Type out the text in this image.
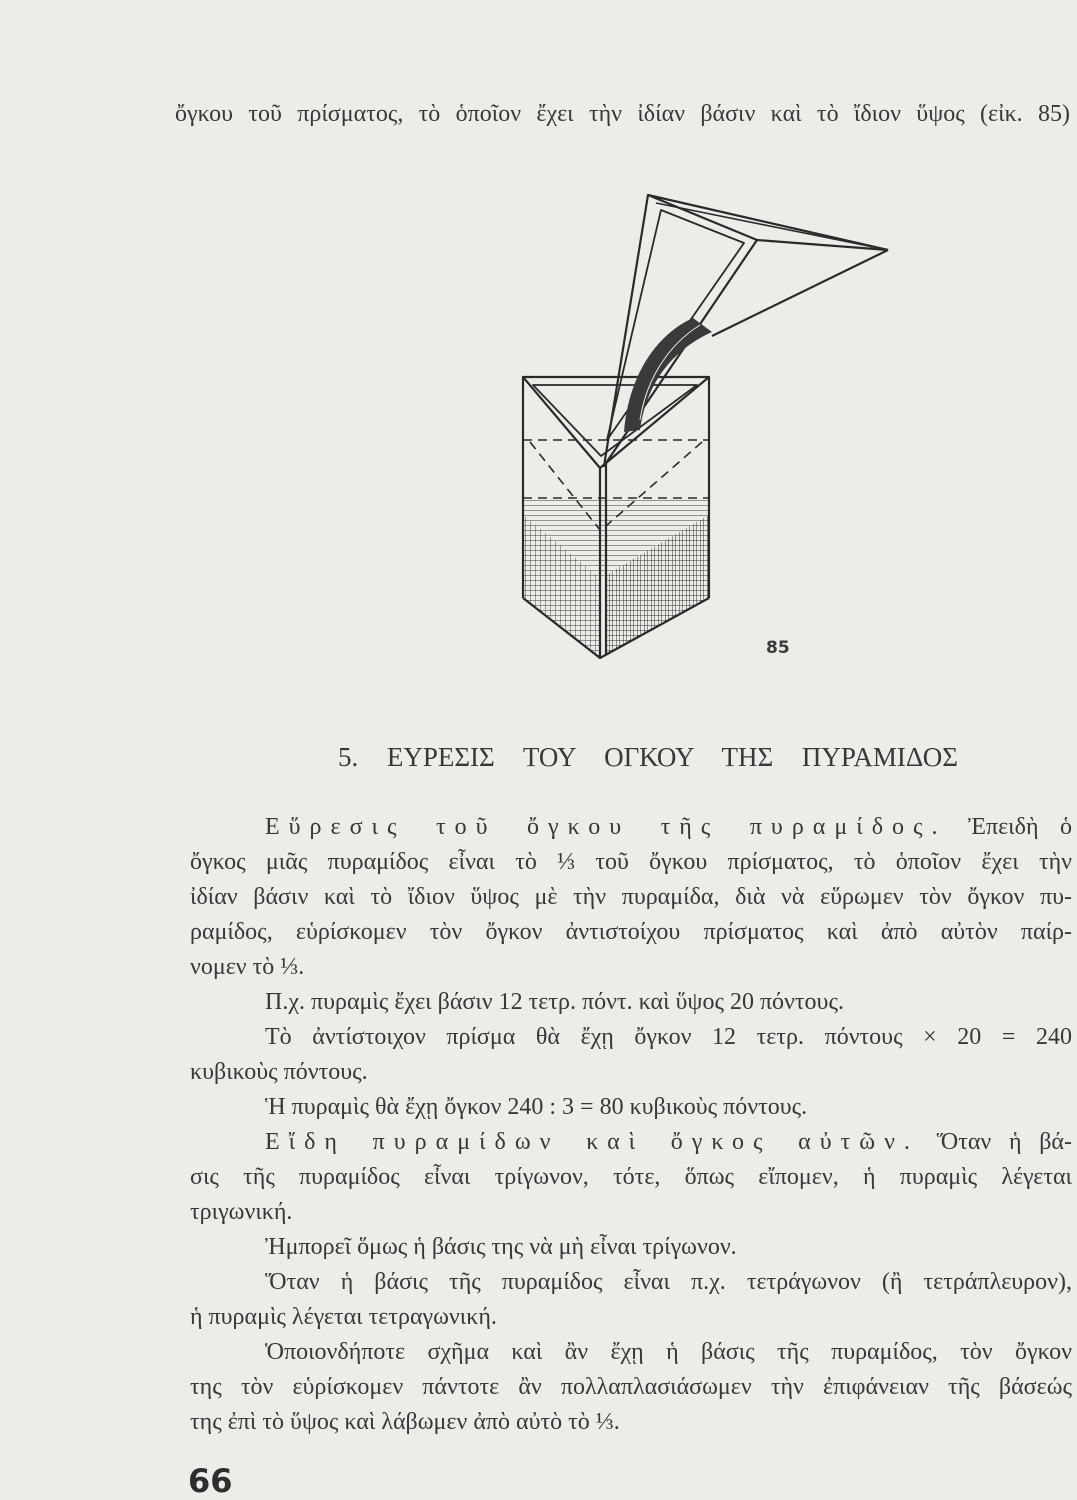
ὄγκου τοῦ πρίσματος, τὸ ὁποῖον ἔχει τὴν ἰδίαν βάσιν καὶ τὸ ἴδιον ὕψος (εἰκ. 85)
85
5. ΕΥΡΕΣΙΣ ΤΟΥ ΟΓΚΟΥ ΤΗΣ ΠΥΡΑΜΙΔΟΣ
Εὕρεσις τοῦ ὄγκου τῆς πυραμίδος. Ἐπειδὴ ὁ
ὄγκος μιᾶς πυραμίδος εἶναι τὸ ⅓ τοῦ ὄγκου πρίσματος, τὸ ὁποῖον ἔχει τὴν
ἰδίαν βάσιν καὶ τὸ ἴδιον ὕψος μὲ τὴν πυραμίδα, διὰ νὰ εὕρωμεν τὸν ὄγκον πυ-
ραμίδος, εὑρίσκομεν τὸν ὄγκον ἀντιστοίχου πρίσματος καὶ ἀπὸ αὐτὸν παίρ-
νομεν τὸ ⅓.
Π.χ. πυραμὶς ἔχει βάσιν 12 τετρ. πόντ. καὶ ὕψος 20 πόντους.
Τὸ ἀντίστοιχον πρίσμα θὰ ἔχῃ ὄγκον 12 τετρ. πόντους × 20 = 240
κυβικοὺς πόντους.
Ἡ πυραμὶς θὰ ἔχῃ ὄγκον 240 : 3 = 80 κυβικοὺς πόντους.
Εἴδη πυραμίδων καὶ ὄγκος αὐτῶν. Ὅταν ἡ βά-
σις τῆς πυραμίδος εἶναι τρίγωνον, τότε, ὅπως εἴπομεν, ἡ πυραμὶς λέγεται
τριγωνική.
Ἠμπορεῖ ὅμως ἡ βάσις της νὰ μὴ εἶναι τρίγωνον.
Ὅταν ἡ βάσις τῆς πυραμίδος εἶναι π.χ. τετράγωνον (ἢ τετράπλευρον),
ἡ πυραμὶς λέγεται τετραγωνική.
Ὁποιονδήποτε σχῆμα καὶ ἂν ἔχῃ ἡ βάσις τῆς πυραμίδος, τὸν ὄγκον
της τὸν εὑρίσκομεν πάντοτε ἂν πολλαπλασιάσωμεν τὴν ἐπιφάνειαν τῆς βάσεώς
της ἐπὶ τὸ ὕψος καὶ λάβωμεν ἀπὸ αὐτὸ τὸ ⅓.
66
